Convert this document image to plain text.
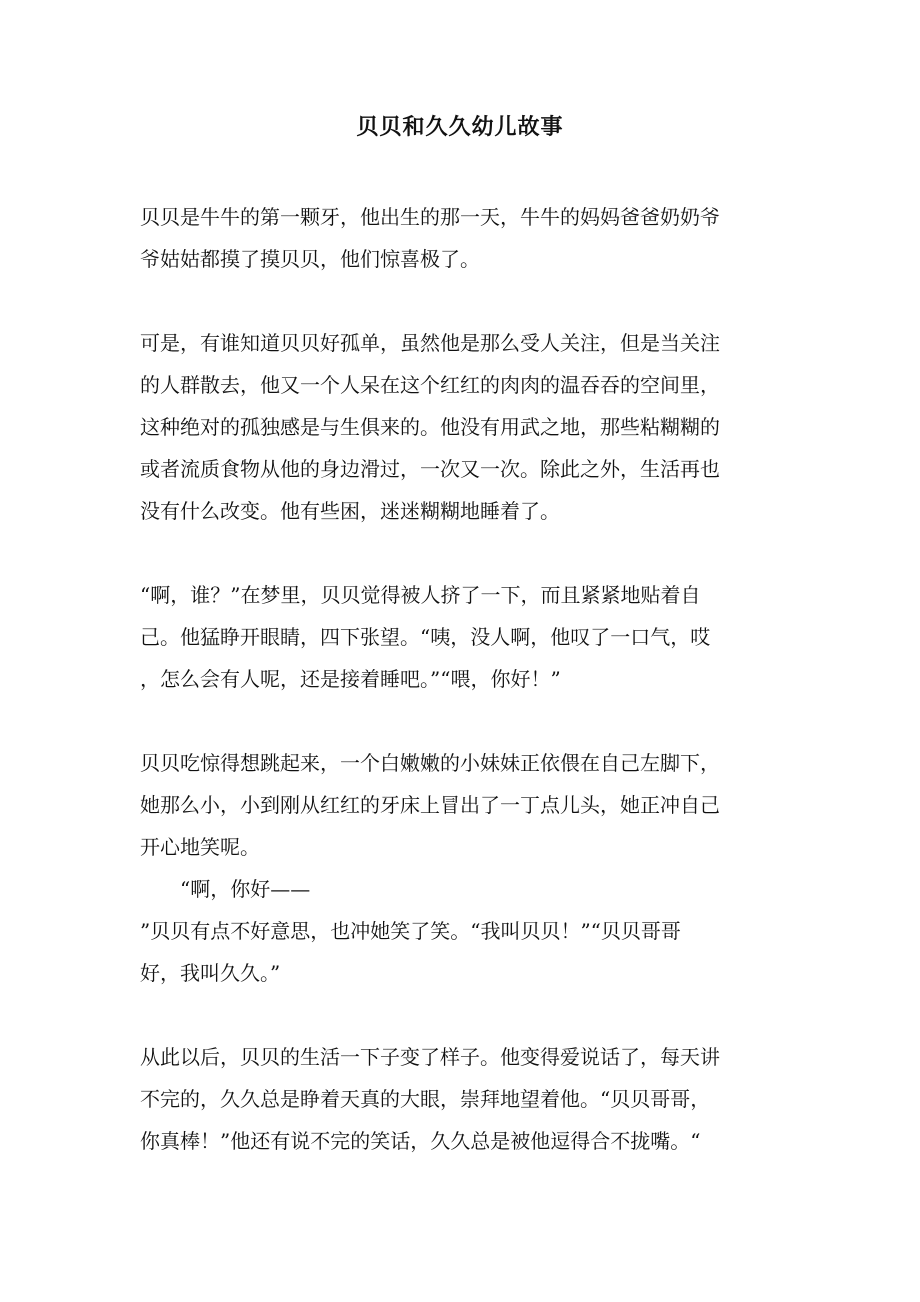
贝贝和久久幼儿故事
贝贝是牛牛的第一颗牙，他出生的那一天，牛牛的妈妈爸爸奶奶爷
爷姑姑都摸了摸贝贝，他们惊喜极了。
可是，有谁知道贝贝好孤单，虽然他是那么受人关注，但是当关注
的人群散去，他又一个人呆在这个红红的肉肉的温吞吞的空间里，
这种绝对的孤独感是与生俱来的。他没有用武之地，那些粘糊糊的
或者流质食物从他的身边滑过，一次又一次。除此之外，生活再也
没有什么改变。他有些困，迷迷糊糊地睡着了。
“啊，谁？”在梦里，贝贝觉得被人挤了一下，而且紧紧地贴着自
己。他猛睁开眼睛，四下张望。“咦，没人啊，他叹了一口气，哎
，怎么会有人呢，还是接着睡吧。”“喂，你好！”
贝贝吃惊得想跳起来，一个白嫩嫩的小妹妹正依偎在自己左脚下，
她那么小，小到刚从红红的牙床上冒出了一丁点儿头，她正冲自己
开心地笑呢。
　　“啊，你好——
”贝贝有点不好意思，也冲她笑了笑。“我叫贝贝！”“贝贝哥哥
好，我叫久久。”
从此以后，贝贝的生活一下子变了样子。他变得爱说话了，每天讲
不完的，久久总是睁着天真的大眼，崇拜地望着他。“贝贝哥哥，
你真棒！”他还有说不完的笑话，久久总是被他逗得合不拢嘴。“
